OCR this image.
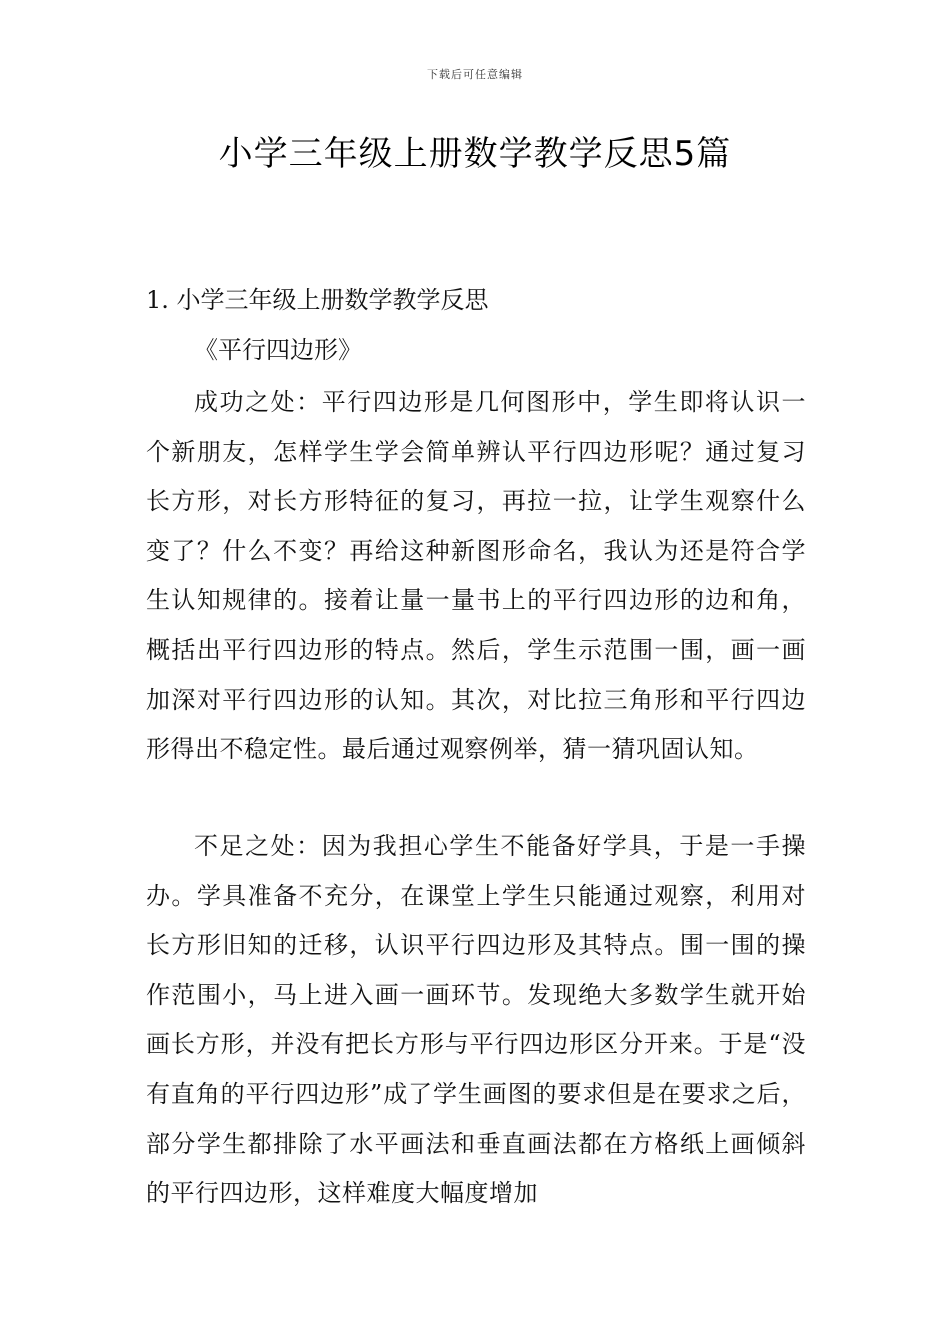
下载后可任意编辑
小学三年级上册数学教学反思5篇
1. 小学三年级上册数学教学反思

《平行四边形》

成功之处：平行四边形是几何图形中，学生即将认识一个新朋友，怎样学生学会简单辨认平行四边形呢？通过复习长方形，对长方形特征的复习，再拉一拉，让学生观察什么变了？什么不变？再给这种新图形命名，我认为还是符合学生认知规律的。接着让量一量书上的平行四边形的边和角，概括出平行四边形的特点。然后，学生示范围一围，画一画加深对平行四边形的认知。其次，对比拉三角形和平行四边形得出不稳定性。最后通过观察例举，猜一猜巩固认知。

不足之处：因为我担心学生不能备好学具，于是一手操办。学具准备不充分，在课堂上学生只能通过观察，利用对长方形旧知的迁移，认识平行四边形及其特点。围一围的操作范围小，马上进入画一画环节。发现绝大多数学生就开始画长方形，并没有把长方形与平行四边形区分开来。于是“没有直角的平行四边形”成了学生画图的要求但是在要求之后，部分学生都排除了水平画法和垂直画法都在方格纸上画倾斜的平行四边形，这样难度大幅度增加
